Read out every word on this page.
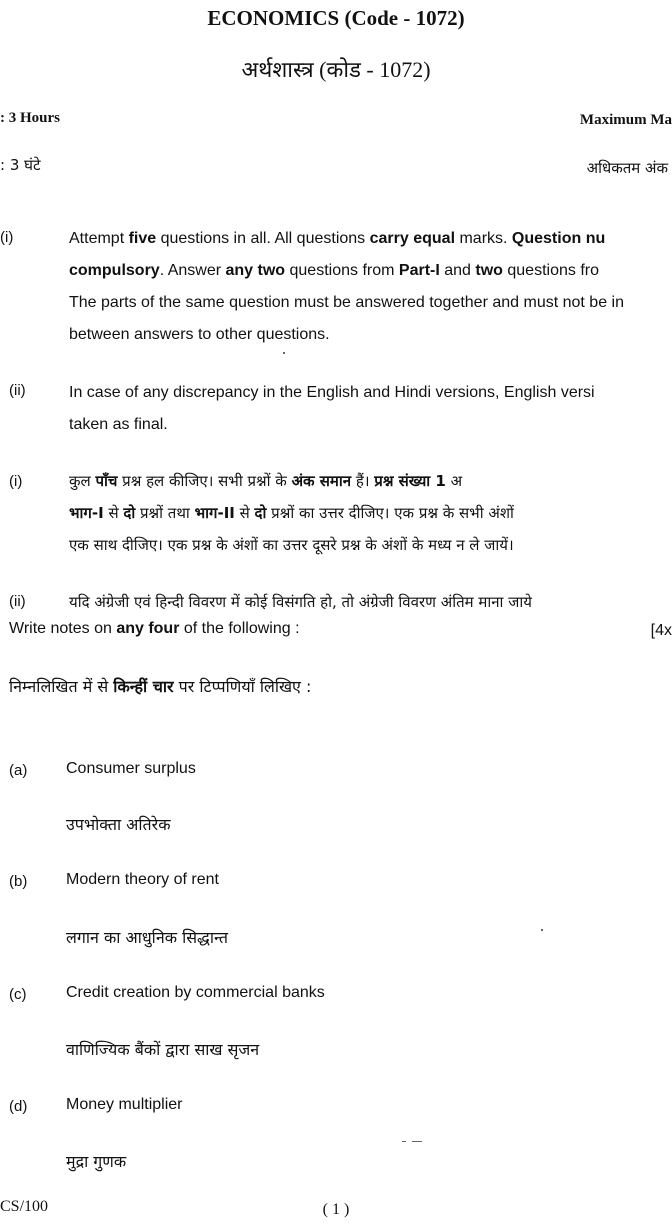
ECONOMICS (Code - 1072)
अर्थशास्त्र (कोड - 1072)
: 3 Hours	Maximum Ma
: 3 घंटे	अधिकतम अंक
(i)	Attempt five questions in all. All questions carry equal marks. Question nu
compulsory. Answer any two questions from Part-I and two questions fro
The parts of the same question must be answered together and must not be in
between answers to other questions.
(ii)	In case of any discrepancy in the English and Hindi versions, English versi
taken as final.
(i)	कुल पाँच प्रश्न हल कीजिए। सभी प्रश्नों के अंक समान हैं। प्रश्न संख्या 1 अ
भाग-I से दो प्रश्नों तथा भाग-II से दो प्रश्नों का उत्तर दीजिए। एक प्रश्न के सभी अंशों
एक साथ दीजिए। एक प्रश्न के अंशों का उत्तर दूसरे प्रश्न के अंशों के मध्य न ले जायें।
(ii)	यदि अंग्रेजी एवं हिन्दी विवरण में कोई विसंगति हो, तो अंग्रेजी विवरण अंतिम माना जाये
Write notes on any four of the following :	[4x
निम्नलिखित में से किन्हीं चार पर टिप्पणियाँ लिखिए :
(a) Consumer surplus
उपभोक्ता अतिरेक
(b) Modern theory of rent
लगान का आधुनिक सिद्धान्त
(c) Credit creation by commercial banks
वाणिज्यिक बैंकों द्वारा साख सृजन
(d) Money multiplier
मुद्रा गुणक
CS/100	( 1 )
